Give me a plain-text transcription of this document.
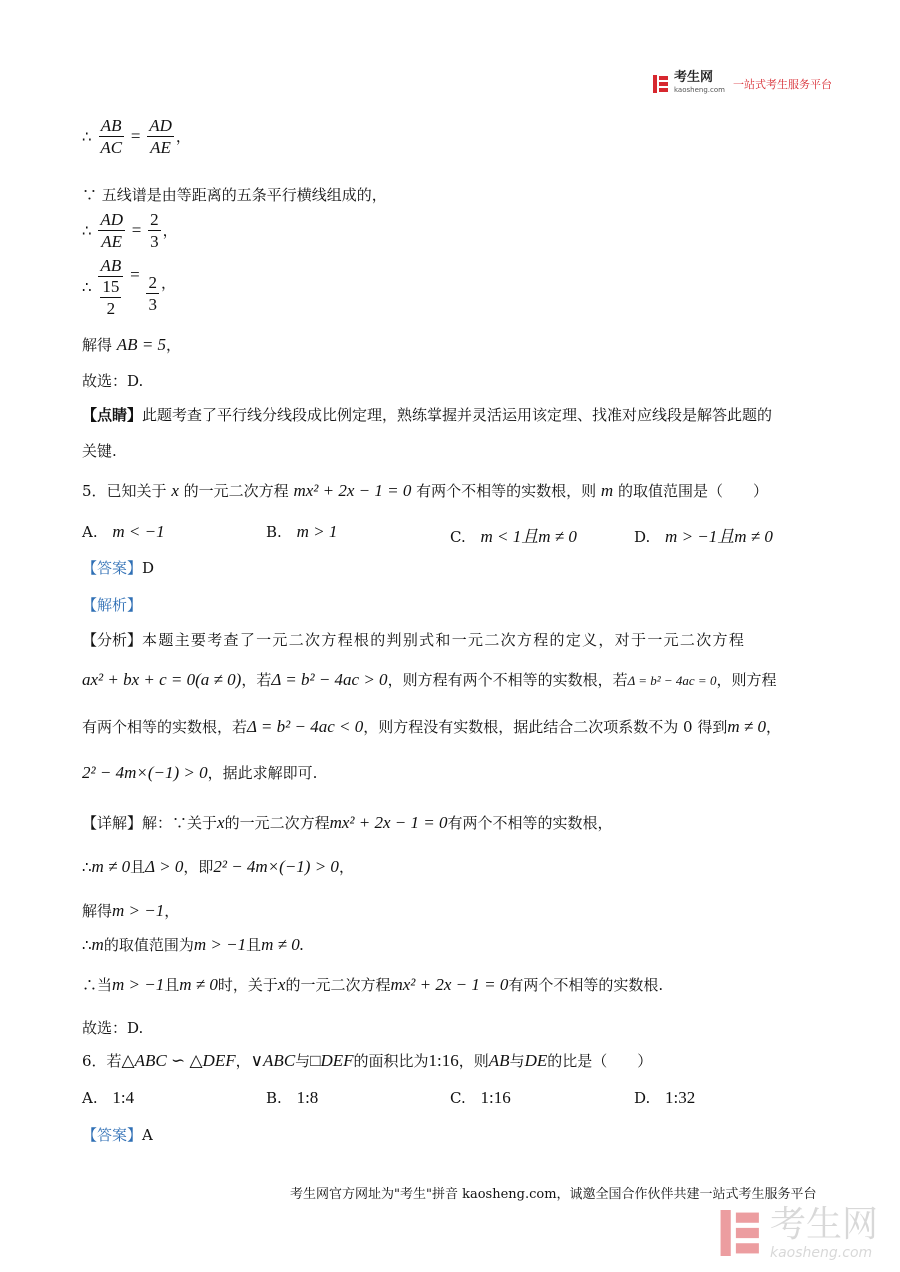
考生网
kaosheng.com 一站式考生服务平台
∴ $\frac{AB}{AC} = \frac{AD}{AE}$ ，
∵ 五线谱是由等距离的五条平行横线组成的，
∴ $\frac{AD}{AE} = \frac{2}{3}$ ，
∴ $\frac{AB}{\frac{15}{2}} = \frac{2}{3}$ ，
解得 AB = 5，
故选：D.
【点睛】此题考查了平行线分线段成比例定理，熟练掌握并灵活运用该定理、找准对应线段是解答此题的
关键.
5．已知关于 x 的一元二次方程 mx² + 2x − 1 = 0 有两个不相等的实数根，则 m 的取值范围是（　　）
A. m < −1	B. m > 1	C. m < 1且m ≠ 0	D. m > −1且m ≠ 0
【答案】D
【解析】
【分析】本题主要考查了一元二次方程根的判别式和一元二次方程的定义，对于一元二次方程
ax² + bx + c = 0(a ≠ 0)，若Δ = b² − 4ac > 0，则方程有两个不相等的实数根，若Δ = b² − 4ac = 0，则方程
有两个相等的实数根，若Δ = b² − 4ac < 0，则方程没有实数根，据此结合二次项系数不为 0 得到m ≠ 0，
2² − 4m×(−1) > 0，据此求解即可.
【详解】解：∵关于x的一元二次方程mx² + 2x − 1 = 0有两个不相等的实数根，
∴m ≠ 0且Δ > 0，即2² − 4m×(−1) > 0，
解得m > −1，
∴m的取值范围为m > −1且m ≠ 0.
∴当m > −1且m ≠ 0时，关于x的一元二次方程mx² + 2x − 1 = 0有两个不相等的实数根.
故选：D.
6．若△ABC ∽ △DEF，∨ABC与□DEF的面积比为1:16，则AB与DE的比是（　　）
A. 1:4	B. 1:8	C. 1:16	D. 1:32
【答案】A
考生网官方网址为"考生"拼音 kaosheng.com，诚邀全国合作伙伴共建一站式考生服务平台
考生网
kaosheng.com
